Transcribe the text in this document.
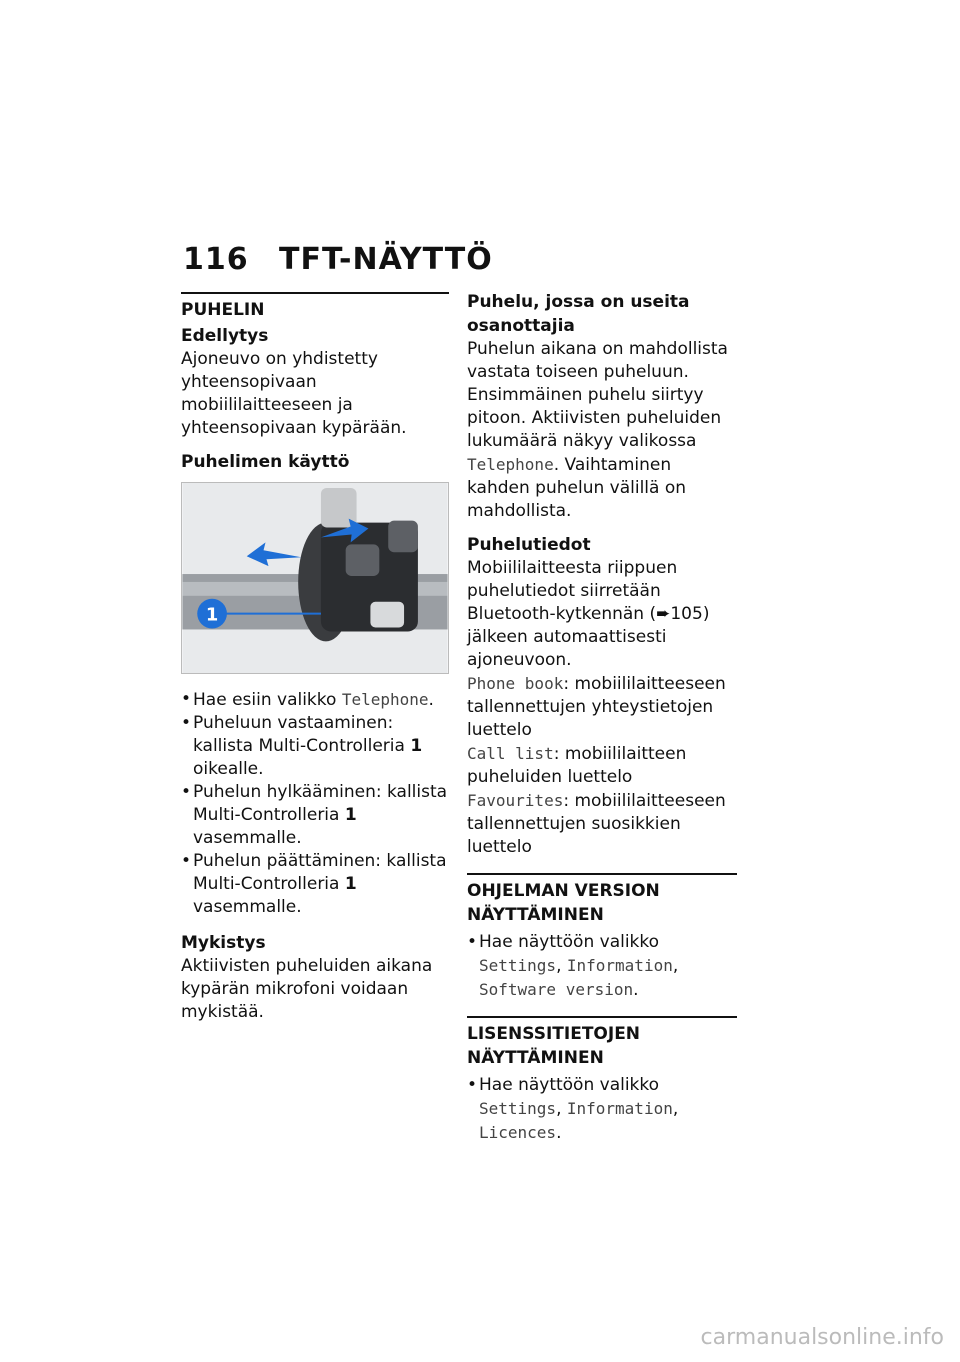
116 TFT-NÄYTTÖ
PUHELIN
Edellytys

Ajoneuvo on yhdistetty yhteensopivaan mobiililaitteeseen ja yhteensopivaan kypärään.

Puhelimen käyttö
1
• Hae esiin valikko Telephone.
• Puheluun vastaaminen: kallista Multi-Controlleria 1 oikealle.
• Puhelun hylkääminen: kallista Multi-Controlleria 1 vasemmalle.
• Puhelun päättäminen: kallista Multi-Controlleria 1 vasemmalle.
Mykistys

Aktiivisten puheluiden aikana kypärän mikrofoni voidaan mykistää.

Puhelu, jossa on useita osanottajia

Puhelun aikana on mahdollista vastata toiseen puheluun. Ensimmäinen puhelu siirtyy pitoon. Aktiivisten puheluiden lukumäärä näkyy valikossa Telephone. Vaihtaminen kahden puhelun välillä on mahdollista.

Puhelutiedot

Mobiililaitteesta riippuen puhelutiedot siirretään Bluetooth-kytkennän (➨105) jälkeen automaattisesti ajoneuvoon.

Phone book: mobiililaitteeseen tallennettujen yhteystietojen luettelo

Call list: mobiililaitteen puheluiden luettelo

Favourites: mobiililaitteeseen tallennettujen suosikkien luettelo

OHJELMAN VERSION NÄYTTÄMINEN
• Hae näyttöön valikko
Settings, Information,
Software version.
LISENSSITIETOJEN NÄYTTÄMINEN
• Hae näyttöön valikko
Settings, Information,
Licences.
carmanualsonline.info
